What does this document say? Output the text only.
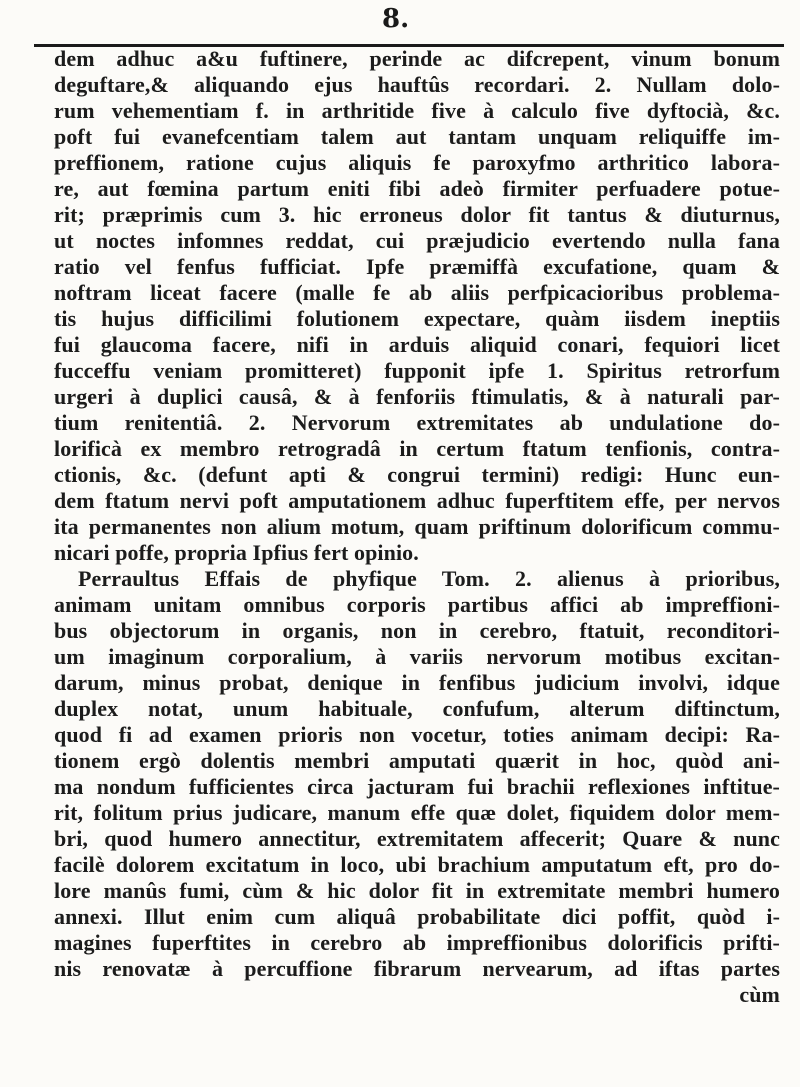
8.
dem adhuc a&u fuftinere, perinde ac difcrepent, vinum bonum
deguftare,& aliquando ejus hauftûs recordari. 2. Nullam dolo-
rum vehementiam f. in arthritide five à calculo five dyftocià, &c.
poft fui evanefcentiam talem aut tantam unquam reliquiffe im-
preffionem, ratione cujus aliquis fe paroxyfmo arthritico labora-
re, aut fœmina partum eniti fibi adeò firmiter perfuadere potue-
rit; præprimis cum 3. hic erroneus dolor fit tantus & diuturnus,
ut noctes infomnes reddat, cui præjudicio evertendo nulla fana
ratio vel fenfus fufficiat. Ipfe præmiffà excufatione, quam &
noftram liceat facere (malle fe ab aliis perfpicacioribus problema-
tis hujus difficilimi folutionem expectare, quàm iisdem ineptiis
fui glaucoma facere, nifi in arduis aliquid conari, fequiori licet
fucceffu veniam promitteret) fupponit ipfe 1. Spiritus retrorfum
urgeri à duplici causâ, & à fenforiis ftimulatis, & à naturali par-
tium renitentiâ. 2. Nervorum extremitates ab undulatione do-
lorificà ex membro retrogradâ in certum ftatum tenfionis, contra-
ctionis, &c. (defunt apti & congrui termini) redigi: Hunc eun-
dem ftatum nervi poft amputationem adhuc fuperftitem effe, per nervos
ita permanentes non alium motum, quam priftinum dolorificum commu-
nicari poffe, propria Ipfius fert opinio.
Perraultus Effais de phyfique Tom. 2. alienus à prioribus,
animam unitam omnibus corporis partibus affici ab impreffioni-
bus objectorum in organis, non in cerebro, ftatuit, reconditori-
um imaginum corporalium, à variis nervorum motibus excitan-
darum, minus probat, denique in fenfibus judicium involvi, idque
duplex notat, unum habituale, confufum, alterum diftinctum,
quod fi ad examen prioris non vocetur, toties animam decipi: Ra-
tionem ergò dolentis membri amputati quærit in hoc, quòd ani-
ma nondum fufficientes circa jacturam fui brachii reflexiones inftitue-
rit, folitum prius judicare, manum effe quæ dolet, fiquidem dolor mem-
bri, quod humero annectitur, extremitatem affecerit; Quare & nunc
facilè dolorem excitatum in loco, ubi brachium amputatum eft, pro do-
lore manûs fumi, cùm & hic dolor fit in extremitate membri humero
annexi. Illut enim cum aliquâ probabilitate dici poffit, quòd i-
magines fuperftites in cerebro ab impreffionibus dolorificis prifti-
nis renovatæ à percuffione fibrarum nervearum, ad iftas partes
cùm
